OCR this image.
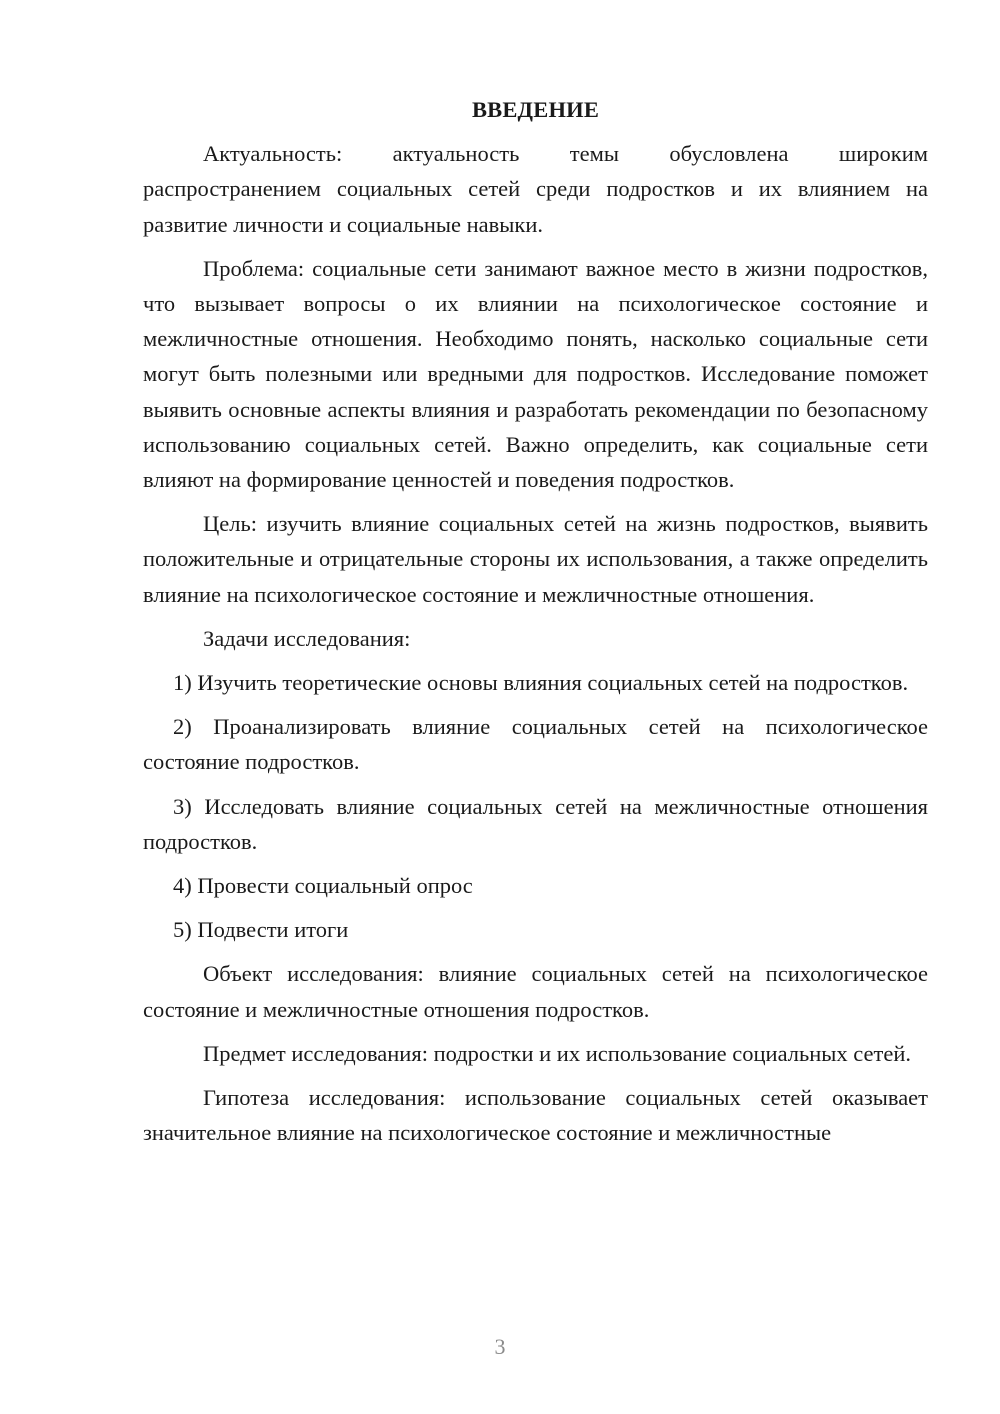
ВВЕДЕНИЕ

Актуальность: актуальность темы обусловлена широким распространением социальных сетей среди подростков и их влиянием на развитие личности и социальные навыки.

Проблема: социальные сети занимают важное место в жизни подростков, что вызывает вопросы о их влиянии на психологическое состояние и межличностные отношения. Необходимо понять, насколько социальные сети могут быть полезными или вредными для подростков. Исследование поможет выявить основные аспекты влияния и разработать рекомендации по безопасному использованию социальных сетей. Важно определить, как социальные сети влияют на формирование ценностей и поведения подростков.

Цель: изучить влияние социальных сетей на жизнь подростков, выявить положительные и отрицательные стороны их использования, а также определить влияние на психологическое состояние и межличностные отношения.

Задачи исследования:

1) Изучить теоретические основы влияния социальных сетей на подростков.

2) Проанализировать влияние социальных сетей на психологическое состояние подростков.

3) Исследовать влияние социальных сетей на межличностные отношения подростков.

4) Провести социальный опрос

5) Подвести итоги

Объект исследования: влияние социальных сетей на психологическое состояние и межличностные отношения подростков.

Предмет исследования: подростки и их использование социальных сетей.

Гипотеза исследования: использование социальных сетей оказывает значительное влияние на психологическое состояние и межличностные

3
